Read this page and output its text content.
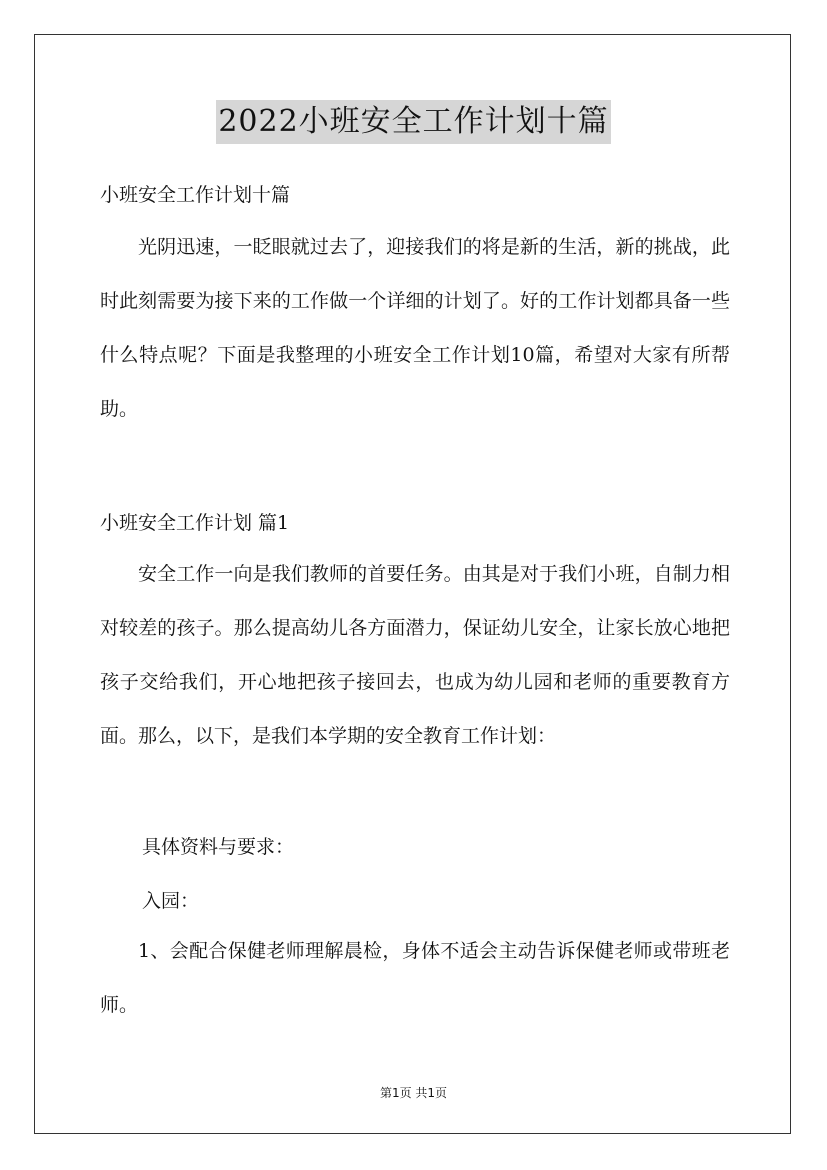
2022小班安全工作计划十篇
小班安全工作计划十篇

光阴迅速，一眨眼就过去了，迎接我们的将是新的生活，新的挑战，此时此刻需要为接下来的工作做一个详细的计划了。好的工作计划都具备一些什么特点呢？下面是我整理的小班安全工作计划10篇，希望对大家有所帮助。

小班安全工作计划 篇1

安全工作一向是我们教师的首要任务。由其是对于我们小班，自制力相对较差的孩子。那么提高幼儿各方面潜力，保证幼儿安全，让家长放心地把孩子交给我们，开心地把孩子接回去，也成为幼儿园和老师的重要教育方面。那么，以下，是我们本学期的安全教育工作计划：

具体资料与要求：
入园：

1、会配合保健老师理解晨检，身体不适会主动告诉保健老师或带班老师。

第1页 共1页
